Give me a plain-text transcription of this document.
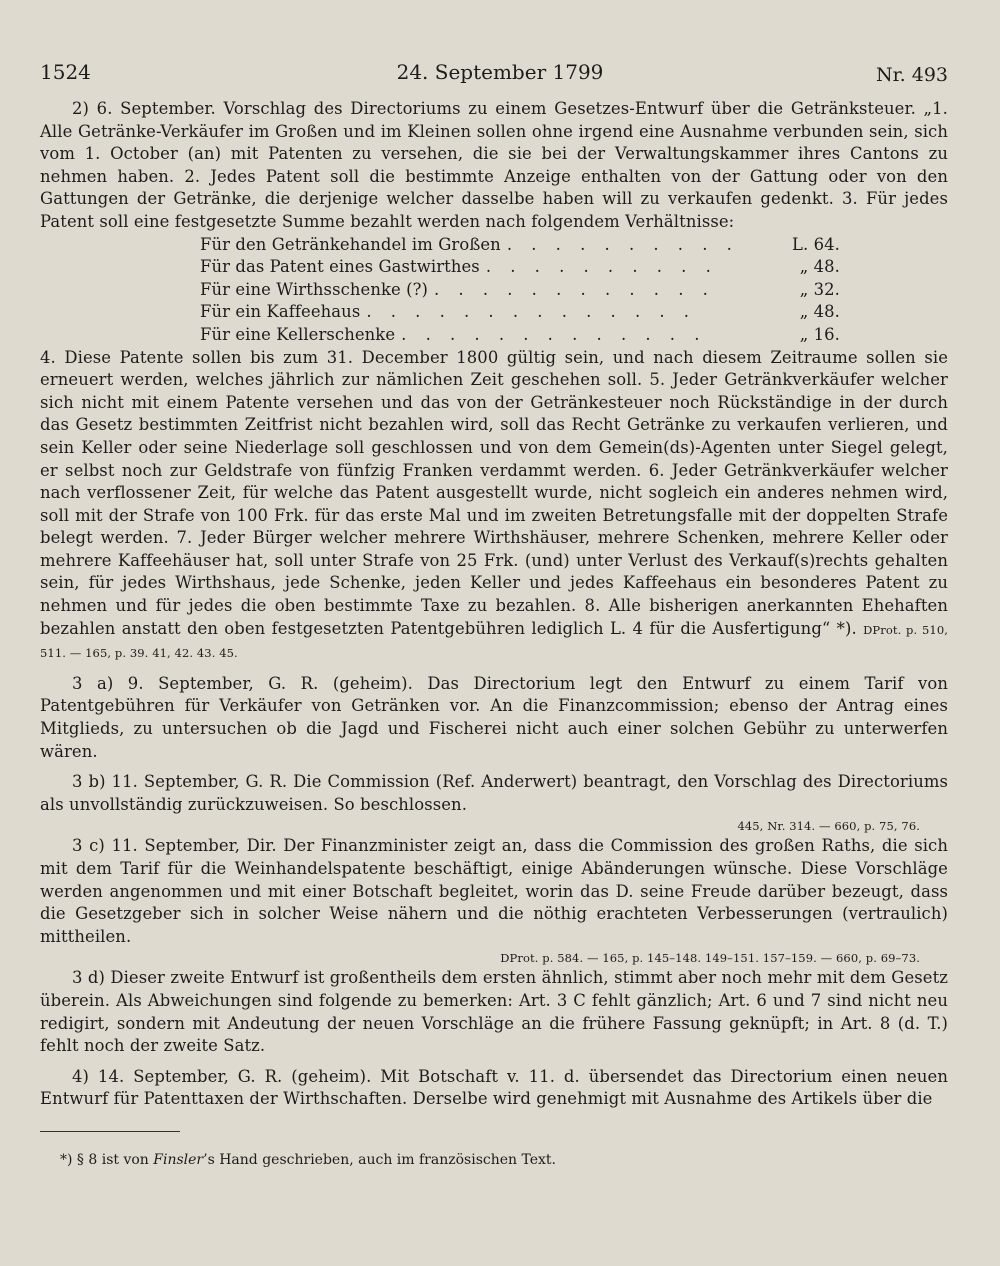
1524	24. September 1799	Nr. 493

2) 6. September. Vorschlag des Directoriums zu einem Gesetzes-Entwurf über die Getränksteuer. „1. Alle Getränke-Verkäufer im Großen und im Kleinen sollen ohne irgend eine Ausnahme verbunden sein, sich vom 1. October (an) mit Patenten zu versehen, die sie bei der Verwaltungskammer ihres Cantons zu nehmen haben. 2. Jedes Patent soll die bestimmte Anzeige enthalten von der Gattung oder von den Gattungen der Getränke, die derjenige welcher dasselbe haben will zu verkaufen gedenkt. 3. Für jedes Patent soll eine festgesetzte Summe bezahlt werden nach folgendem Verhältnisse:

Für den Getränkehandel im Großen . . . . . . . . . .	L. 64.
Für das Patent eines Gastwirthes . . . . . . . . . .	„ 48.
Für eine Wirthsschenke (?) . . . . . . . . . . . .	„ 32.
Für ein Kaffeehaus . . . . . . . . . . . . . .	„ 48.
Für eine Kellerschenke . . . . . . . . . . . . .	„ 16.

4. Diese Patente sollen bis zum 31. December 1800 gültig sein, und nach diesem Zeitraume sollen sie erneuert werden, welches jährlich zur nämlichen Zeit geschehen soll. 5. Jeder Getränkverkäufer welcher sich nicht mit einem Patente versehen und das von der Getränkesteuer noch Rückständige in der durch das Gesetz bestimmten Zeitfrist nicht bezahlen wird, soll das Recht Getränke zu verkaufen verlieren, und sein Keller oder seine Niederlage soll geschlossen und von dem Gemein(ds)-Agenten unter Siegel gelegt, er selbst noch zur Geldstrafe von fünfzig Franken verdammt werden. 6. Jeder Getränkverkäufer welcher nach verflossener Zeit, für welche das Patent ausgestellt wurde, nicht sogleich ein anderes nehmen wird, soll mit der Strafe von 100 Frk. für das erste Mal und im zweiten Betretungsfalle mit der doppelten Strafe belegt werden. 7. Jeder Bürger welcher mehrere Wirthshäuser, mehrere Schenken, mehrere Keller oder mehrere Kaffeehäuser hat, soll unter Strafe von 25 Frk. (und) unter Verlust des Verkauf(s)rechts gehalten sein, für jedes Wirthshaus, jede Schenke, jeden Keller und jedes Kaffeehaus ein besonderes Patent zu nehmen und für jedes die oben bestimmte Taxe zu bezahlen. 8. Alle bisherigen anerkannten Ehehaften bezahlen anstatt den oben festgesetzten Patentgebühren lediglich L. 4 für die Ausfertigung“ *). DProt. p. 510, 511. — 165, p. 39. 41, 42. 43. 45.

3 a) 9. September, G. R. (geheim). Das Directorium legt den Entwurf zu einem Tarif von Patentgebühren für Verkäufer von Getränken vor. An die Finanzcommission; ebenso der Antrag eines Mitglieds, zu untersuchen ob die Jagd und Fischerei nicht auch einer solchen Gebühr zu unterwerfen wären.

3 b) 11. September, G. R. Die Commission (Ref. Anderwert) beantragt, den Vorschlag des Directoriums als unvollständig zurückzuweisen. So beschlossen.

445, Nr. 314. — 660, p. 75, 76.

3 c) 11. September, Dir. Der Finanzminister zeigt an, dass die Commission des großen Raths, die sich mit dem Tarif für die Weinhandelspatente beschäftigt, einige Abänderungen wünsche. Diese Vorschläge werden angenommen und mit einer Botschaft begleitet, worin das D. seine Freude darüber bezeugt, dass die Gesetzgeber sich in solcher Weise nähern und die nöthig erachteten Verbesserungen (vertraulich) mittheilen.

DProt. p. 584. — 165, p. 145–148. 149–151. 157–159. — 660, p. 69–73.

3 d) Dieser zweite Entwurf ist großentheils dem ersten ähnlich, stimmt aber noch mehr mit dem Gesetz überein. Als Abweichungen sind folgende zu bemerken: Art. 3 C fehlt gänzlich; Art. 6 und 7 sind nicht neu redigirt, sondern mit Andeutung der neuen Vorschläge an die frühere Fassung geknüpft; in Art. 8 (d. T.) fehlt noch der zweite Satz.

4) 14. September, G. R. (geheim). Mit Botschaft v. 11. d. übersendet das Directorium einen neuen Entwurf für Patenttaxen der Wirthschaften. Derselbe wird genehmigt mit Ausnahme des Artikels über die

*) § 8 ist von Finsler’s Hand geschrieben, auch im französischen Text.
